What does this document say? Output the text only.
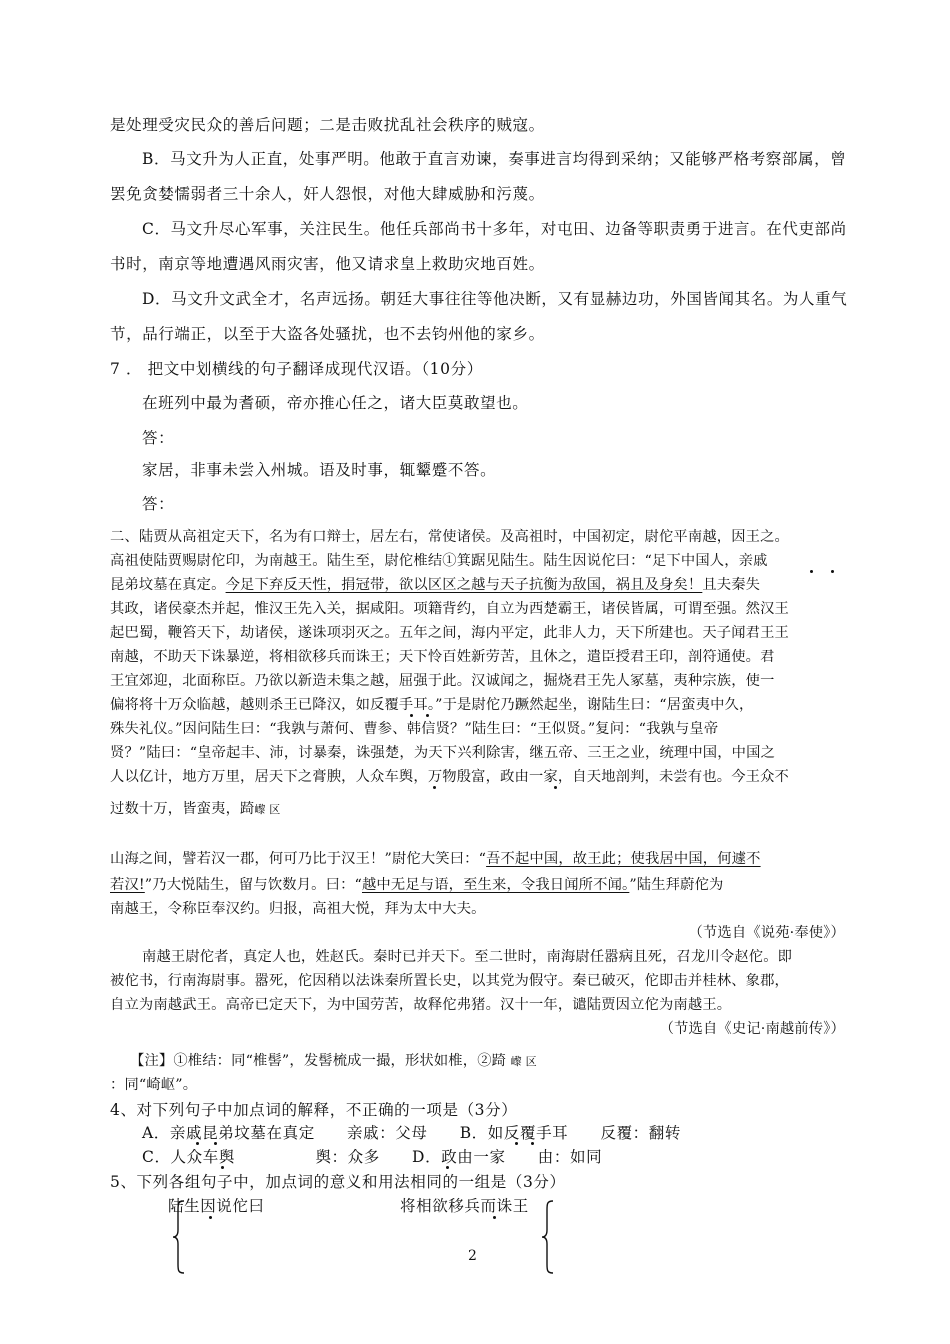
是处理受灾民众的善后问题；二是击败扰乱社会秩序的贼寇。
B．马文升为人正直，处事严明。他敢于直言劝谏，奏事进言均得到采纳；又能够严格考察部属，曾
罢免贪婪懦弱者三十余人，奸人怨恨，对他大肆威胁和污蔑。
C．马文升尽心军事，关注民生。他任兵部尚书十多年，对屯田、边备等职责勇于进言。在代吏部尚
书时，南京等地遭遇风雨灾害，他又请求皇上救助灾地百姓。
D．马文升文武全才，名声远扬。朝廷大事往往等他决断，又有显赫边功，外国皆闻其名。为人重气
节，品行端正，以至于大盗各处骚扰，也不去钧州他的家乡。
7 ． 把文中划横线的句子翻译成现代汉语。（10分）
在班列中最为耆硕，帝亦推心任之，诸大臣莫敢望也。
答：
家居，非事未尝入州城。语及时事，辄颦蹙不答。
答：
二、陆贾从高祖定天下，名为有口辩士，居左右，常使诸侯。及高祖时，中国初定，尉佗平南越，因王之。
高祖使陆贾赐尉佗印，为南越王。陆生至，尉佗椎结①箕踞见陆生。陆生因说佗曰：“足下中国人，亲戚
昆弟坟墓在真定。今足下弃反天性，捐冠带，欲以区区之越与天子抗衡为敌国，祸且及身矣！且夫秦失
其政，诸侯豪杰并起，惟汉王先入关，据咸阳。项籍背约，自立为西楚霸王，诸侯皆属，可谓至强。然汉王
起巴蜀，鞭笞天下，劫诸侯，遂诛项羽灭之。五年之间，海内平定，此非人力，天下所建也。天子闻君王王
南越，不助天下诛暴逆，将相欲移兵而诛王；天下怜百姓新劳苦，且休之，遣臣授君王印，剖符通使。君
王宜郊迎，北面称臣。乃欲以新造未集之越，屈强于此。汉诚闻之，掘烧君王先人冢墓，夷种宗族，使一
偏将将十万众临越，越则杀王已降汉，如反覆手耳。”于是尉佗乃蹶然起坐，谢陆生曰：“居蛮夷中久，
殊失礼仪。”因问陆生曰：“我孰与萧何、曹参、韩信贤？”陆生曰：“王似贤。”复问：“我孰与皇帝
贤？”陆曰：“皇帝起丰、沛，讨暴秦，诛强楚，为天下兴利除害，继五帝、三王之业，统理中国，中国之
人以亿计，地方万里，居天下之膏腴，人众车舆，万物殷富，政由一家，自天地剖判，未尝有也。今王众不
过数十万，皆蛮夷，踦㠟 区
山海之间，譬若汉一郡，何可乃比于汉王！”尉佗大笑曰：“吾不起中国，故王此；使我居中国，何遽不
若汉!”乃大悦陆生，留与饮数月。曰：“越中无足与语，至生来，令我日闻所不闻。”陆生拜蔚佗为
南越王，令称臣奉汉约。归报，高祖大悦，拜为太中大夫。
（节选自《说苑·奉使》）
南越王尉佗者，真定人也，姓赵氏。秦时已并天下。至二世时，南海尉任嚣病且死，召龙川令赵佗。即
被佗书，行南海尉事。嚣死，佗因稍以法诛秦所置长史，以其党为假守。秦已破灭，佗即击并桂林、象郡，
自立为南越武王。高帝已定天下，为中国劳苦，故释佗弗猪。汉十一年，谴陆贾因立佗为南越王。
（节选自《史记·南越前传》）
【注】①椎结：同“椎髻”，发髻梳成一撮，形状如椎，②踦 㠟 区
：同“崎岖”。
4、对下列句子中加点词的解释，不正确的一项是（3分）
A．亲戚昆弟坟墓在真定　　亲戚：父母　　B．如反覆手耳　　反覆：翻转
C．人众车舆　　　　　舆：众多　　D．政由一家　　由：如同
5、下列各组句子中，加点词的意义和用法相同的一组是（3分）
陆生因说佗曰	将相欲移兵而诛王
2
